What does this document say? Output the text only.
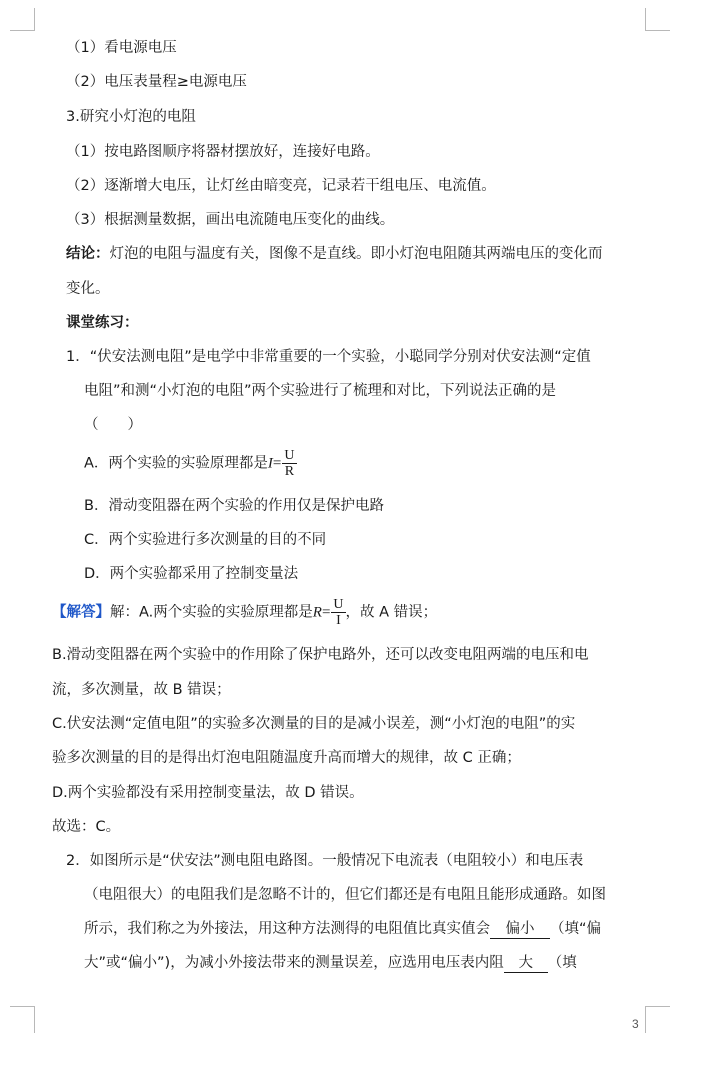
（1）看电源电压
（2）电压表量程≥电源电压
3.研究小灯泡的电阻
（1）按电路图顺序将器材摆放好，连接好电路。
（2）逐渐增大电压，让灯丝由暗变亮，记录若干组电压、电流值。
（3）根据测量数据，画出电流随电压变化的曲线。
结论：灯泡的电阻与温度有关，图像不是直线。即小灯泡电阻随其两端电压的变化而
变化。
课堂练习：
1．“伏安法测电阻”是电学中非常重要的一个实验，小聪同学分别对伏安法测“定值
电阻”和测“小灯泡的电阻”两个实验进行了梳理和对比，下列说法正确的是
（　　）
A．两个实验的实验原理都是$I= \frac{U}{R}$
B．滑动变阻器在两个实验的作用仅是保护电路
C．两个实验进行多次测量的目的不同
D．两个实验都采用了控制变量法
【解答】解：A.两个实验的实验原理都是$R= \frac{U}{I}$ ，故 A 错误；
B.滑动变阻器在两个实验中的作用除了保护电路外，还可以改变电阻两端的电压和电
流，多次测量，故 B 错误；
C.伏安法测“定值电阻”的实验多次测量的目的是减小误差，测“小灯泡的电阻”的实
验多次测量的目的是得出灯泡电阻随温度升高而增大的规律，故 C 正确；
D.两个实验都没有采用控制变量法，故 D 错误。
故选：C。
2．如图所示是“伏安法”测电阻电路图。一般情况下电流表（电阻较小）和电压表
（电阻很大）的电阻我们是忽略不计的，但它们都还是有电阻且能形成通路。如图
所示，我们称之为外接法，用这种方法测得的电阻值比真实值会 偏小 （填“偏
大”或“偏小”)，为减小外接法带来的测量误差，应选用电压表内阻 大 （填
3
